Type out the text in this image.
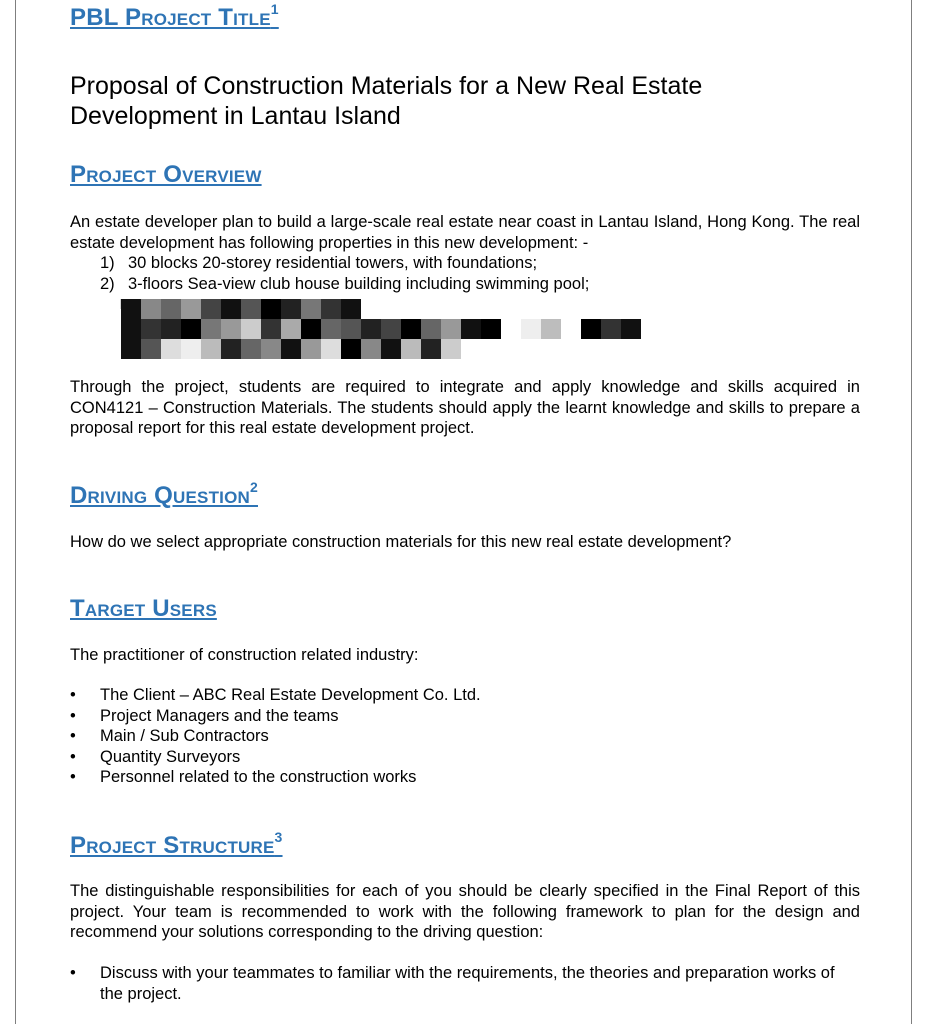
PBL Project Title$^1$
Proposal of Construction Materials for a New Real Estate Development in Lantau Island
Project Overview

An estate developer plan to build a large-scale real estate near coast in Lantau Island, Hong Kong. The real estate development has following properties in this new development: -

1) 30 blocks 20-storey residential towers, with foundations;
2) 3-floors Sea-view club house building including swimming pool;

Through the project, students are required to integrate and apply knowledge and skills acquired in CON4121 – Construction Materials. The students should apply the learnt knowledge and skills to prepare a proposal report for this real estate development project.

Driving Question$^2$

How do we select appropriate construction materials for this new real estate development?

Target Users

The practitioner of construction related industry:

• The Client – ABC Real Estate Development Co. Ltd.
• Project Managers and the teams
• Main / Sub Contractors
• Quantity Surveyors
• Personnel related to the construction works
Project Structure$^3$

The distinguishable responsibilities for each of you should be clearly specified in the Final Report of this project. Your team is recommended to work with the following framework to plan for the design and recommend your solutions corresponding to the driving question:

• Discuss with your teammates to familiar with the requirements, the theories and preparation works of the project.
